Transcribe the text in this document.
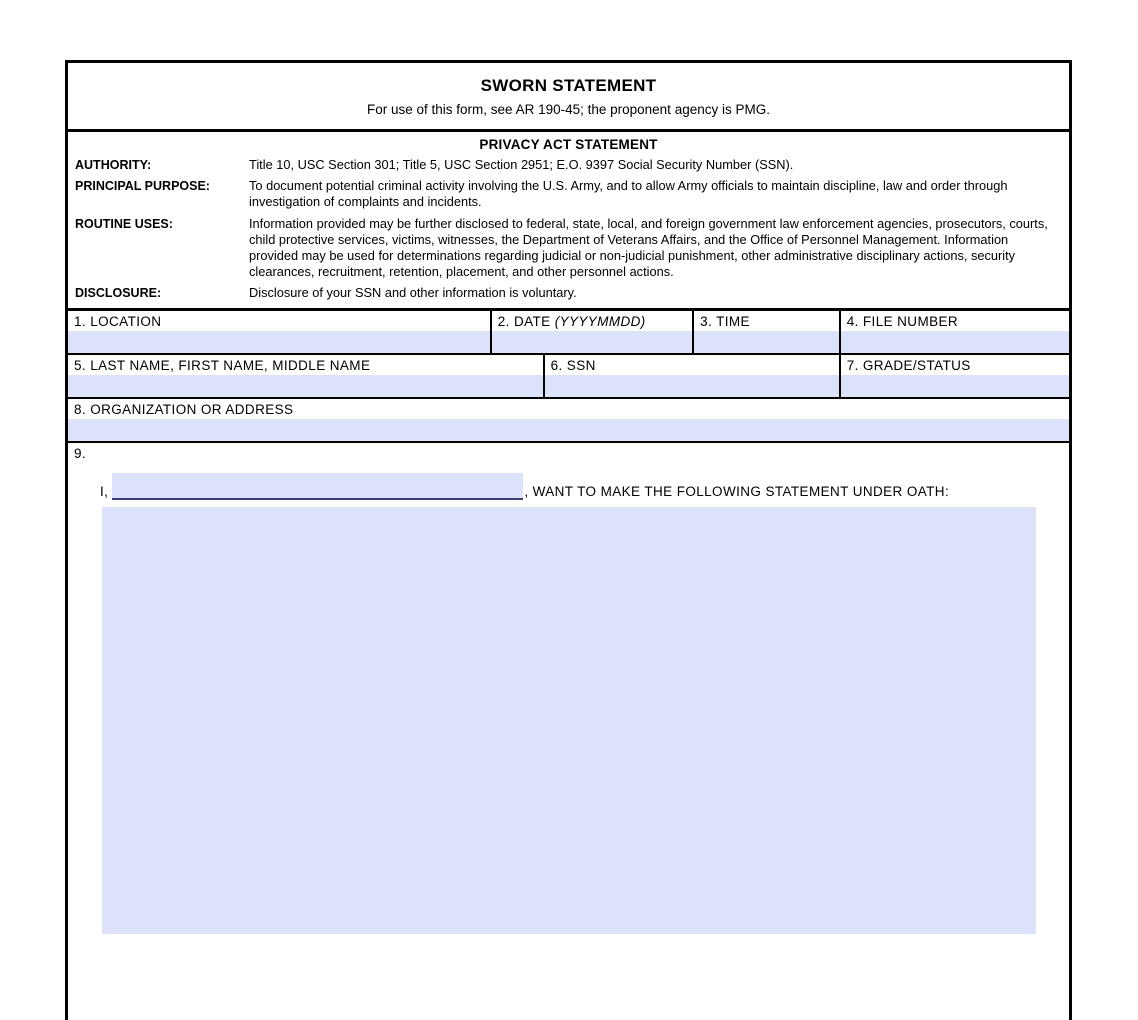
SWORN STATEMENT
For use of this form, see AR 190-45; the proponent agency is PMG.
PRIVACY ACT STATEMENT
AUTHORITY:	Title 10, USC Section 301; Title 5, USC Section 2951; E.O. 9397 Social Security Number (SSN).
PRINCIPAL PURPOSE:	To document potential criminal activity involving the U.S. Army, and to allow Army officials to maintain discipline, law and order through investigation of complaints and incidents.
ROUTINE USES:	Information provided may be further disclosed to federal, state, local, and foreign government law enforcement agencies, prosecutors, courts, child protective services, victims, witnesses, the Department of Veterans Affairs, and the Office of Personnel Management. Information provided may be used for determinations regarding judicial or non-judicial punishment, other administrative disciplinary actions, security clearances, recruitment, retention, placement, and other personnel actions.
DISCLOSURE:	Disclosure of your SSN and other information is voluntary.
1. LOCATION	2. DATE (YYYYMMDD)	3. TIME	4. FILE NUMBER
5. LAST NAME, FIRST NAME, MIDDLE NAME	6. SSN	7. GRADE/STATUS
8. ORGANIZATION OR ADDRESS
9.
I,	, WANT TO MAKE THE FOLLOWING STATEMENT UNDER OATH:
